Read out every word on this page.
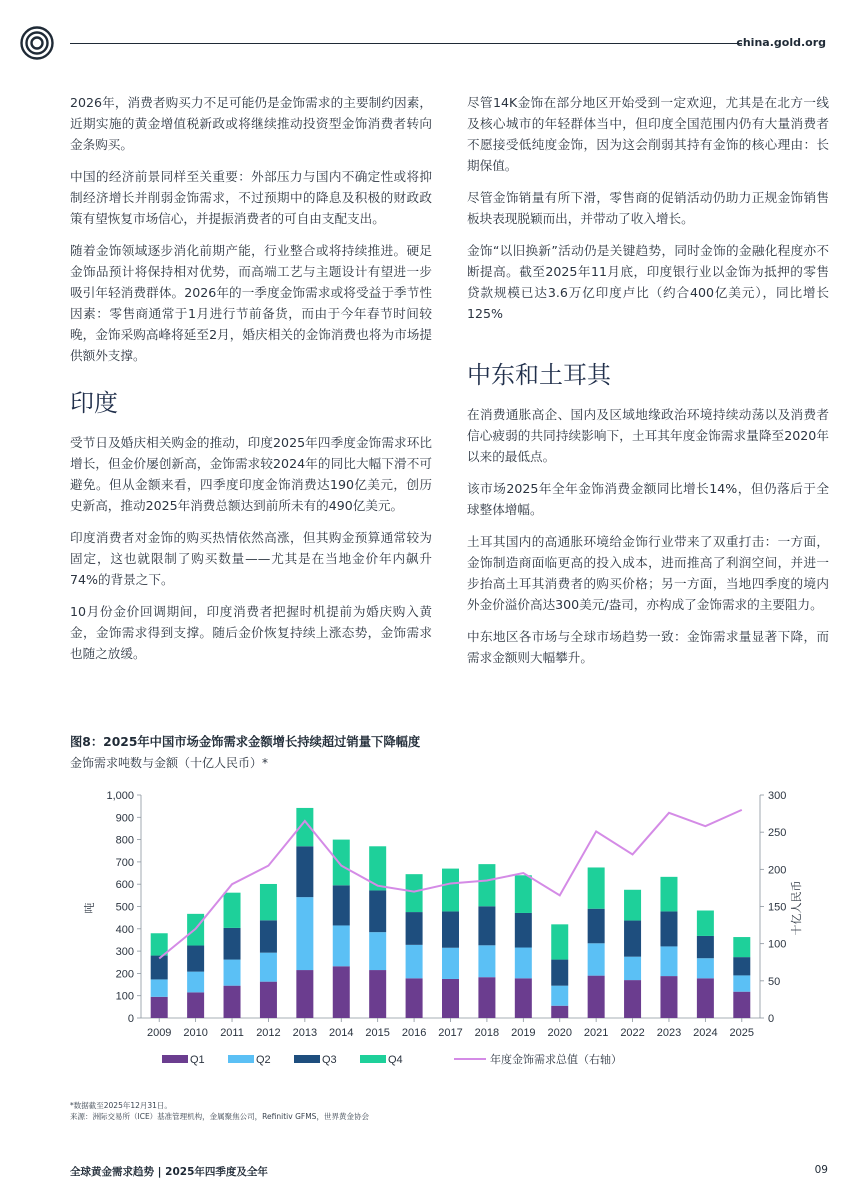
china.gold.org

2026年，消费者购买力不足可能仍是金饰需求的主要制约因素，近期实施的黄金增值税新政或将继续推动投资型金饰消费者转向金条购买。

中国的经济前景同样至关重要：外部压力与国内不确定性或将抑制经济增长并削弱金饰需求，不过预期中的降息及积极的财政政策有望恢复市场信心，并提振消费者的可自由支配支出。

随着金饰领域逐步消化前期产能，行业整合或将持续推进。硬足金饰品预计将保持相对优势，而高端工艺与主题设计有望进一步吸引年轻消费群体。2026年的一季度金饰需求或将受益于季节性因素：零售商通常于1月进行节前备货，而由于今年春节时间较晚，金饰采购高峰将延至2月，婚庆相关的金饰消费也将为市场提供额外支撑。

印度

受节日及婚庆相关购金的推动，印度2025年四季度金饰需求环比增长，但金价屡创新高，金饰需求较2024年的同比大幅下滑不可避免。但从金额来看，四季度印度金饰消费达190亿美元，创历史新高，推动2025年消费总额达到前所未有的490亿美元。

印度消费者对金饰的购买热情依然高涨，但其购金预算通常较为固定，这也就限制了购买数量——尤其是在当地金价年内飙升74%的背景之下。

10月份金价回调期间，印度消费者把握时机提前为婚庆购入黄金，金饰需求得到支撑。随后金价恢复持续上涨态势，金饰需求也随之放缓。

尽管14K金饰在部分地区开始受到一定欢迎，尤其是在北方一线及核心城市的年轻群体当中，但印度全国范围内仍有大量消费者不愿接受低纯度金饰，因为这会削弱其持有金饰的核心理由：长期保值。

尽管金饰销量有所下滑，零售商的促销活动仍助力正规金饰销售板块表现脱颖而出，并带动了收入增长。

金饰“以旧换新”活动仍是关键趋势，同时金饰的金融化程度亦不断提高。截至2025年11月底，印度银行业以金饰为抵押的零售贷款规模已达3.6万亿印度卢比（约合400亿美元），同比增长125%

中东和土耳其

在消费通胀高企、国内及区域地缘政治环境持续动荡以及消费者信心疲弱的共同持续影响下，土耳其年度金饰需求量降至2020年以来的最低点。

该市场2025年全年金饰消费金额同比增长14%，但仍落后于全球整体增幅。

土耳其国内的高通胀环境给金饰行业带来了双重打击：一方面，金饰制造商面临更高的投入成本，进而推高了利润空间，并进一步抬高土耳其消费者的购买价格；另一方面，当地四季度的境内外金价溢价高达300美元/盎司，亦构成了金饰需求的主要阻力。

中东地区各市场与全球市场趋势一致：金饰需求量显著下降，而需求金额则大幅攀升。

图8：2025年中国市场金饰需求金额增长持续超过销量下降幅度

金饰需求吨数与金额（十亿人民币）*

0
100
200
300
400
500
600
700
800
900
1,000
0
50
100
150
200
250
300
吨	十亿人民币
2009 2010 2011 2012 2013 2014 2015 2016 2017 2018 2019 2020 2021 2022 2023 2024 2025
Q1	Q2	Q3	Q4	年度金饰需求总值（右轴）
*数据截至2025年12月31日。
来源：洲际交易所（ICE）基准管理机构，金属聚焦公司，Refinitiv GFMS，世界黄金协会
全球黄金需求趋势 | 2025年四季度及全年	09
